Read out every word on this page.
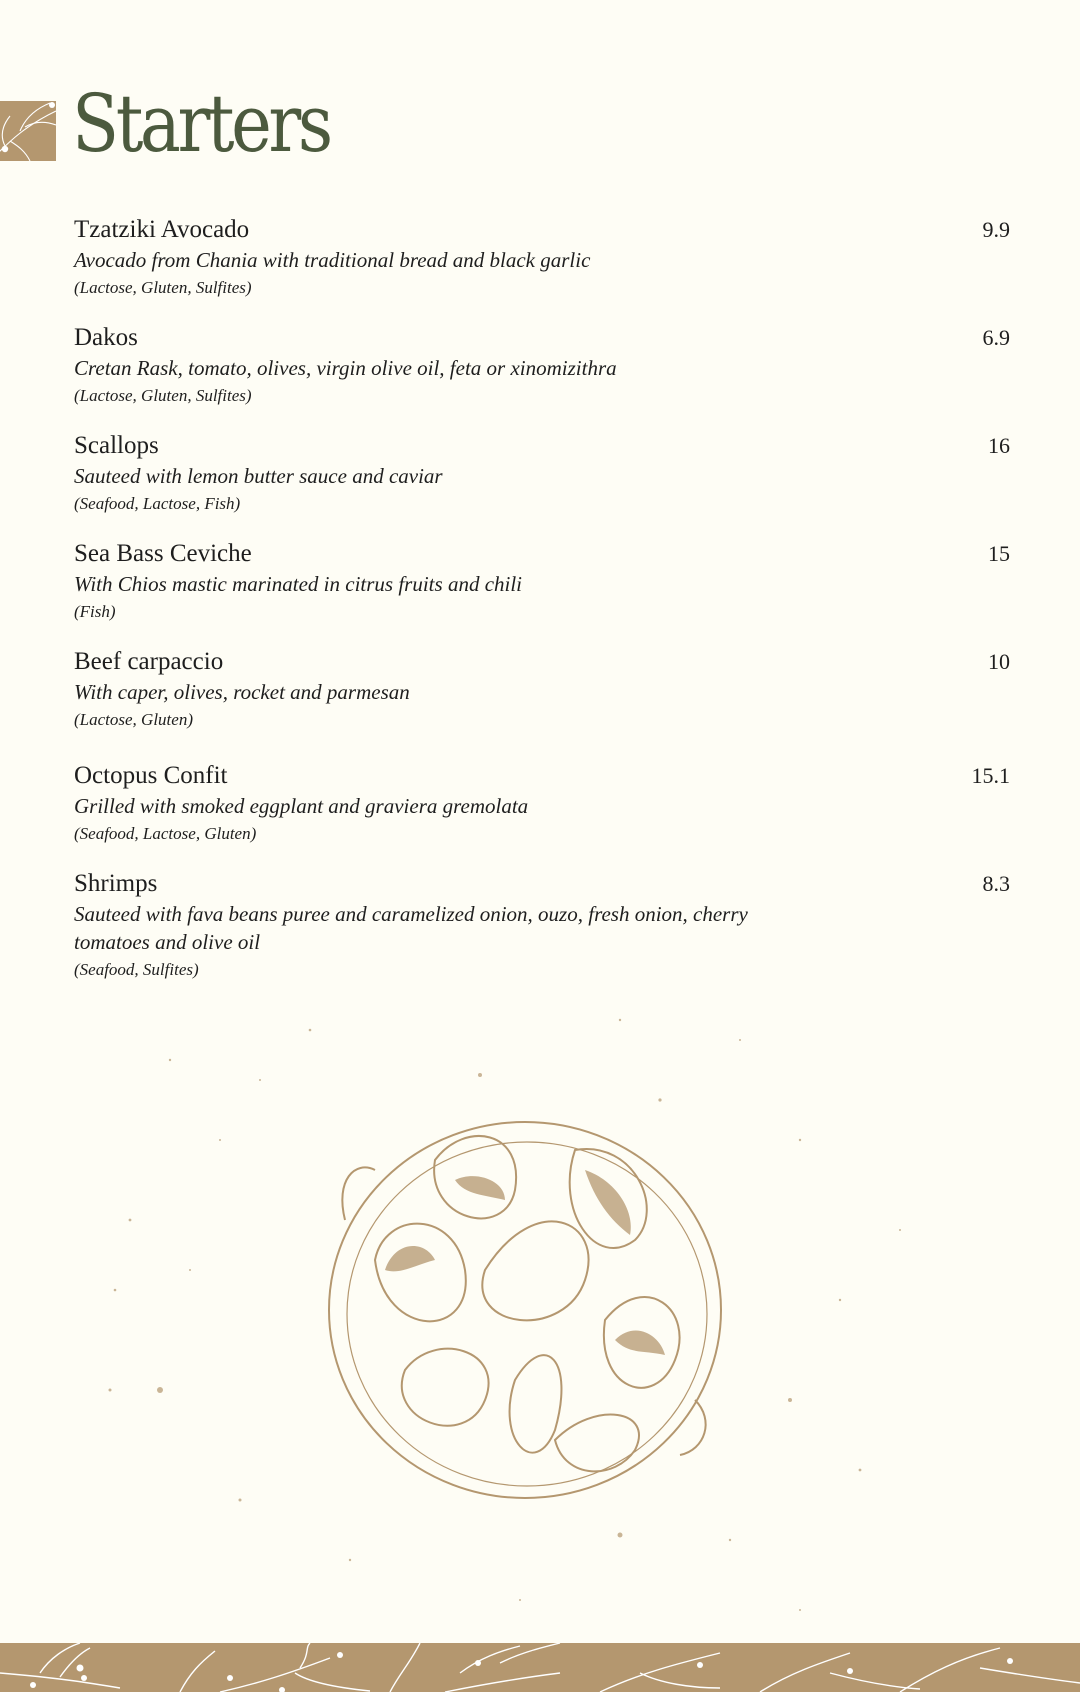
Starters
Tzatziki Avocado	9.9
Avocado from Chania with traditional bread and black garlic
(Lactose, Gluten, Sulfites)
Dakos	6.9
Cretan Rask, tomato, olives, virgin olive oil, feta or xinomizithra
(Lactose, Gluten, Sulfites)
Scallops	16
Sauteed with lemon butter sauce and caviar
(Seafood, Lactose, Fish)
Sea Bass Ceviche	15
With Chios mastic marinated in citrus fruits and chili
(Fish)
Beef carpaccio	10
With caper, olives, rocket and parmesan
(Lactose, Gluten)
Octopus Confit	15.1
Grilled with smoked eggplant and graviera gremolata
(Seafood, Lactose, Gluten)
Shrimps	8.3
Sauteed with fava beans puree and caramelized onion, ouzo, fresh onion, cherry tomatoes and olive oil
(Seafood, Sulfites)
